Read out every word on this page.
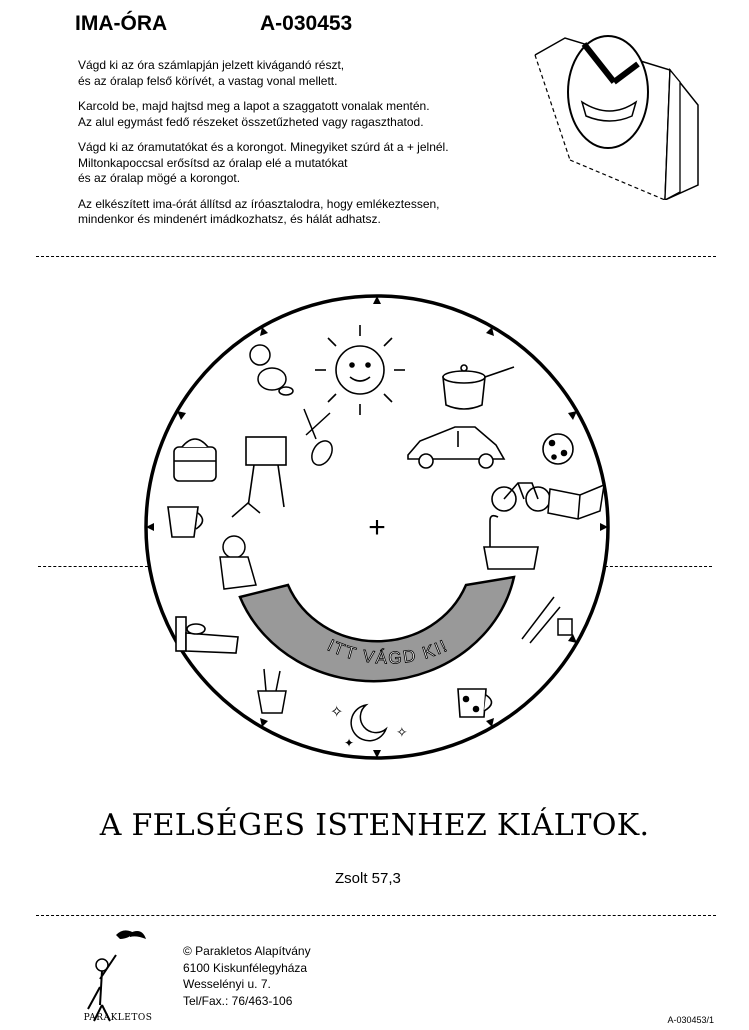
IMA-ÓRA	A-030453

Vágd ki az óra számlapján jelzett kivágandó részt,
és az óralap felső körívét, a vastag vonal mellett.

Karcold be, majd hajtsd meg a lapot a szaggatott vonalak mentén.
Az alul egymást fedő részeket összetűzheted vagy ragaszthatod.

Vágd ki az óramutatókat és a korongot. Minegyiket szúrd át a + jelnél.
Miltonkapoccsal erősítsd az óralap elé a mutatókat
és az óralap mögé a korongot.

Az elkészített ima-órát állítsd az íróasztalodra, hogy emlékeztessen,
mindenkor és mindenért imádkozhatsz, és hálát adhatsz.

+
ITT VÁGD KI!
✧
✧
✦
A FELSÉGES ISTENHEZ KIÁLTOK.
Zsolt 57,3
PARAKLETOS
© Parakletos Alapítvány
6100 Kiskunfélegyháza
Wesselényi u. 7.
Tel/Fax.: 76/463-106
A-030453/1
